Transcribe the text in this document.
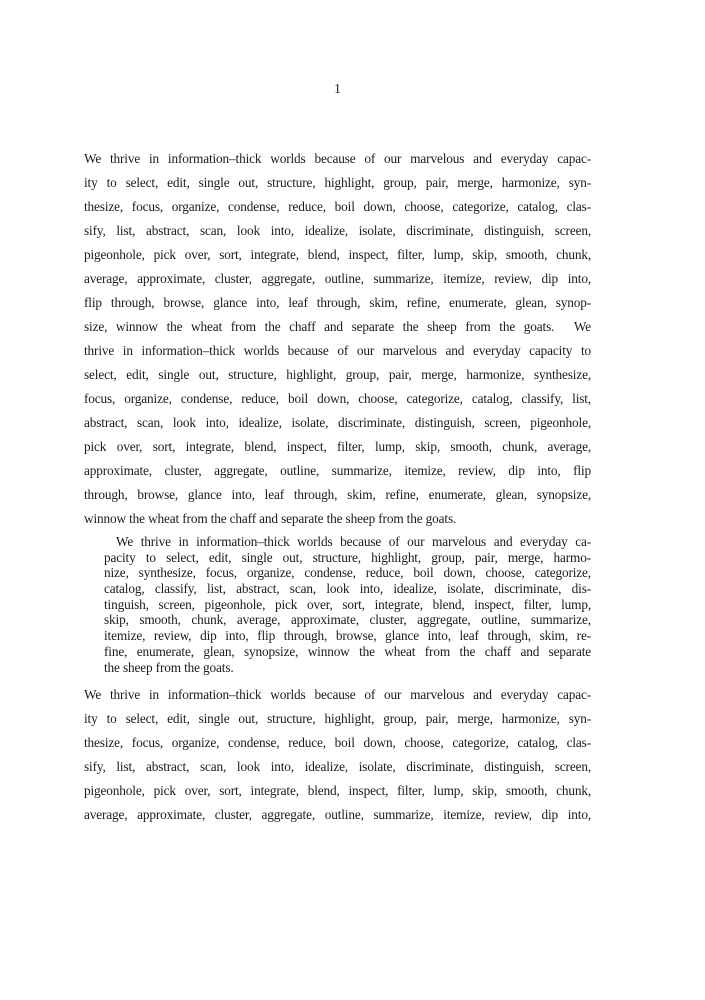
1
We thrive in information–thick worlds because of our marvelous and everyday capac-
ity to select, edit, single out, structure, highlight, group, pair, merge, harmonize, syn-
thesize, focus, organize, condense, reduce, boil down, choose, categorize, catalog, clas-
sify, list, abstract, scan, look into, idealize, isolate, discriminate, distinguish, screen,
pigeonhole, pick over, sort, integrate, blend, inspect, filter, lump, skip, smooth, chunk,
average, approximate, cluster, aggregate, outline, summarize, itemize, review, dip into,
flip through, browse, glance into, leaf through, skim, refine, enumerate, glean, synop-
size, winnow the wheat from the chaff and separate the sheep from the goats.  We
thrive in information–thick worlds because of our marvelous and everyday capacity to
select, edit, single out, structure, highlight, group, pair, merge, harmonize, synthesize,
focus, organize, condense, reduce, boil down, choose, categorize, catalog, classify, list,
abstract, scan, look into, idealize, isolate, discriminate, distinguish, screen, pigeonhole,
pick over, sort, integrate, blend, inspect, filter, lump, skip, smooth, chunk, average,
approximate, cluster, aggregate, outline, summarize, itemize, review, dip into, flip
through, browse, glance into, leaf through, skim, refine, enumerate, glean, synopsize,
winnow the wheat from the chaff and separate the sheep from the goats.
We thrive in information–thick worlds because of our marvelous and everyday ca-
pacity to select, edit, single out, structure, highlight, group, pair, merge, harmo-
nize, synthesize, focus, organize, condense, reduce, boil down, choose, categorize,
catalog, classify, list, abstract, scan, look into, idealize, isolate, discriminate, dis-
tinguish, screen, pigeonhole, pick over, sort, integrate, blend, inspect, filter, lump,
skip, smooth, chunk, average, approximate, cluster, aggregate, outline, summarize,
itemize, review, dip into, flip through, browse, glance into, leaf through, skim, re-
fine, enumerate, glean, synopsize, winnow the wheat from the chaff and separate
the sheep from the goats.
We thrive in information–thick worlds because of our marvelous and everyday capac-
ity to select, edit, single out, structure, highlight, group, pair, merge, harmonize, syn-
thesize, focus, organize, condense, reduce, boil down, choose, categorize, catalog, clas-
sify, list, abstract, scan, look into, idealize, isolate, discriminate, distinguish, screen,
pigeonhole, pick over, sort, integrate, blend, inspect, filter, lump, skip, smooth, chunk,
average, approximate, cluster, aggregate, outline, summarize, itemize, review, dip into,
